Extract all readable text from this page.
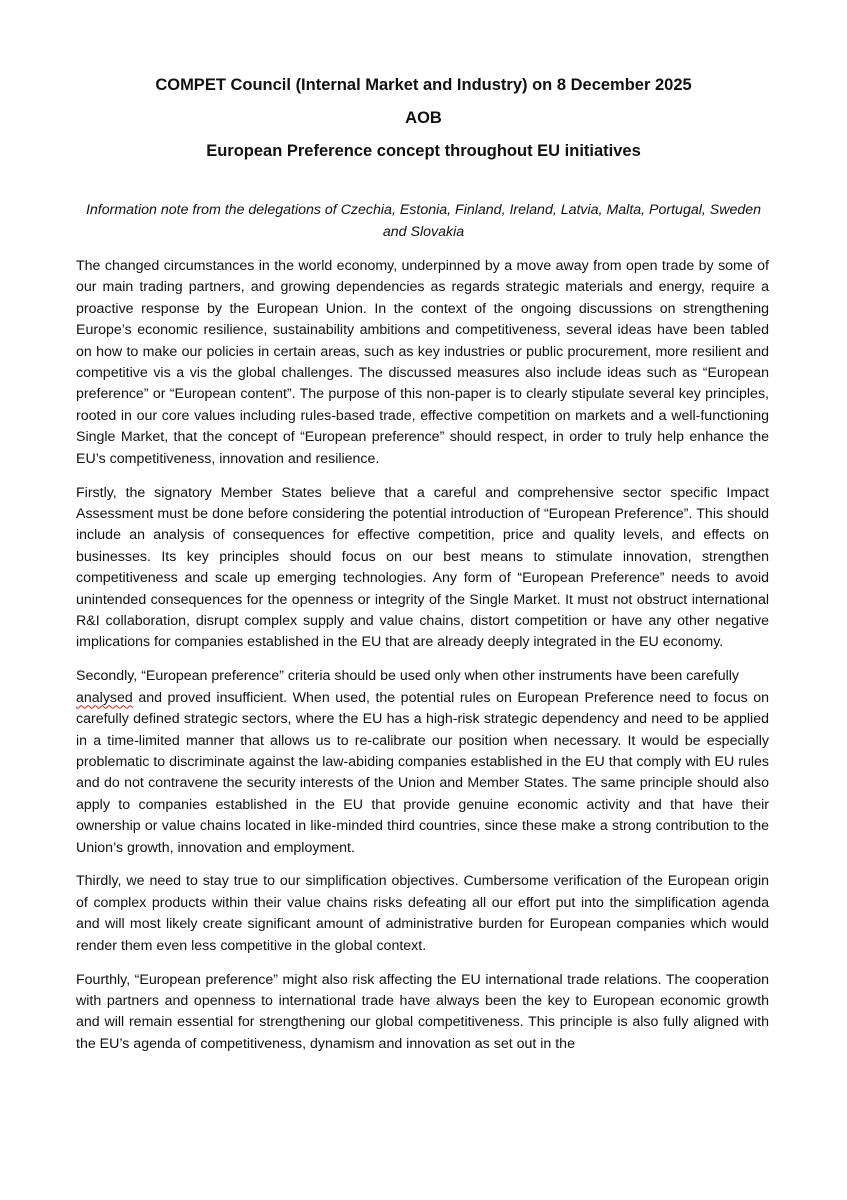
COMPET Council (Internal Market and Industry) on 8 December 2025
AOB
European Preference concept throughout EU initiatives
Information note from the delegations of Czechia, Estonia, Finland, Ireland, Latvia, Malta, Portugal, Sweden and Slovakia

The changed circumstances in the world economy, underpinned by a move away from open trade by some of our main trading partners, and growing dependencies as regards strategic materials and energy, require a proactive response by the European Union. In the context of the ongoing discussions on strengthening Europe’s economic resilience, sustainability ambitions and competitiveness, several ideas have been tabled on how to make our policies in certain areas, such as key industries or public procurement, more resilient and competitive vis a vis the global challenges. The discussed measures also include ideas such as “European preference” or “European content”. The purpose of this non-paper is to clearly stipulate several key principles, rooted in our core values including rules-based trade, effective competition on markets and a well-functioning Single Market, that the concept of “European preference” should respect, in order to truly help enhance the EU’s competitiveness, innovation and resilience.

Firstly, the signatory Member States believe that a careful and comprehensive sector specific Impact Assessment must be done before considering the potential introduction of “European Preference”. This should include an analysis of consequences for effective competition, price and quality levels, and effects on businesses. Its key principles should focus on our best means to stimulate innovation, strengthen competitiveness and scale up emerging technologies. Any form of “European Preference” needs to avoid unintended consequences for the openness or integrity of the Single Market. It must not obstruct international R&I collaboration, disrupt complex supply and value chains, distort competition or have any other negative implications for companies established in the EU that are already deeply integrated in the EU economy.

Secondly, “European preference” criteria should be used only when other instruments have been carefully
analysed and proved insufficient. When used, the potential rules on European Preference need to focus on carefully defined strategic sectors, where the EU has a high-risk strategic dependency and need to be applied in a time-limited manner that allows us to re-calibrate our position when necessary. It would be especially problematic to discriminate against the law-abiding companies established in the EU that comply with EU rules and do not contravene the security interests of the Union and Member States. The same principle should also apply to companies established in the EU that provide genuine economic activity and that have their ownership or value chains located in like-minded third countries, since these make a strong contribution to the Union’s growth, innovation and employment.

Thirdly, we need to stay true to our simplification objectives. Cumbersome verification of the European origin of complex products within their value chains risks defeating all our effort put into the simplification agenda and will most likely create significant amount of administrative burden for European companies which would render them even less competitive in the global context.

Fourthly, “European preference” might also risk affecting the EU international trade relations. The cooperation with partners and openness to international trade have always been the key to European economic growth and will remain essential for strengthening our global competitiveness. This principle is also fully aligned with the EU’s agenda of competitiveness, dynamism and innovation as set out in the
